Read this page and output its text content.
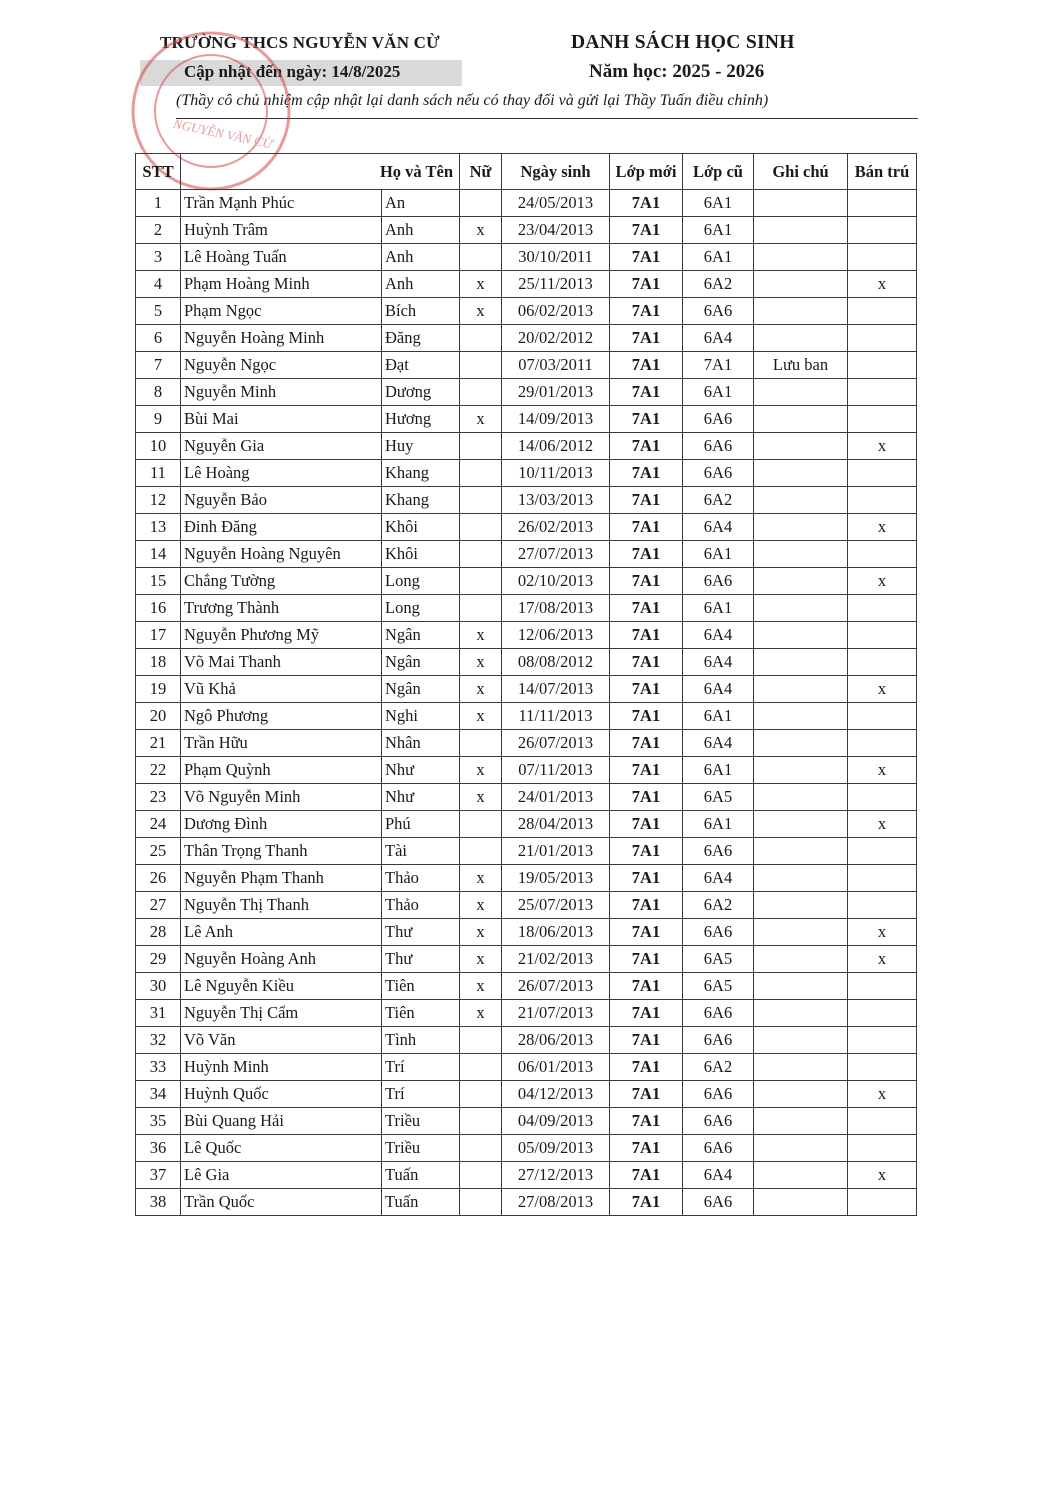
TRƯỜNG THCS NGUYỄN VĂN CỪ
Cập nhật đến ngày: 14/8/2025
DANH SÁCH HỌC SINH
Năm học: 2025 - 2026
(Thầy cô chủ nhiệm cập nhật lại danh sách nếu có thay đổi và gửi lại Thầy Tuấn điều chỉnh)
NGUYỄN VĂN CỪ
STT	Họ và Tên		Nữ	Ngày sinh	Lớp mới	Lớp cũ	Ghi chú	Bán trú
1	Trần Mạnh Phúc	An		24/05/2013	7A1	6A1		
2	Huỳnh Trâm	Anh	x	23/04/2013	7A1	6A1		
3	Lê Hoàng Tuấn	Anh		30/10/2011	7A1	6A1		
4	Phạm Hoàng Minh	Anh	x	25/11/2013	7A1	6A2		x
5	Phạm Ngọc	Bích	x	06/02/2013	7A1	6A6		
6	Nguyễn Hoàng Minh	Đăng		20/02/2012	7A1	6A4		
7	Nguyễn Ngọc	Đạt		07/03/2011	7A1	7A1	Lưu ban	
8	Nguyễn Minh	Dương		29/01/2013	7A1	6A1		
9	Bùi Mai	Hương	x	14/09/2013	7A1	6A6		
10	Nguyễn Gia	Huy		14/06/2012	7A1	6A6		x
11	Lê Hoàng	Khang		10/11/2013	7A1	6A6		
12	Nguyễn Bảo	Khang		13/03/2013	7A1	6A2		
13	Đinh Đăng	Khôi		26/02/2013	7A1	6A4		x
14	Nguyễn Hoàng Nguyên	Khôi		27/07/2013	7A1	6A1		
15	Chắng Tường	Long		02/10/2013	7A1	6A6		x
16	Trương Thành	Long		17/08/2013	7A1	6A1		
17	Nguyễn Phương Mỹ	Ngân	x	12/06/2013	7A1	6A4		
18	Võ Mai Thanh	Ngân	x	08/08/2012	7A1	6A4		
19	Vũ Khả	Ngân	x	14/07/2013	7A1	6A4		x
20	Ngô Phương	Nghi	x	11/11/2013	7A1	6A1		
21	Trần Hữu	Nhân		26/07/2013	7A1	6A4		
22	Phạm Quỳnh	Như	x	07/11/2013	7A1	6A1		x
23	Võ Nguyễn Minh	Như	x	24/01/2013	7A1	6A5		
24	Dương Đình	Phú		28/04/2013	7A1	6A1		x
25	Thân Trọng Thanh	Tài		21/01/2013	7A1	6A6		
26	Nguyễn Phạm Thanh	Thảo	x	19/05/2013	7A1	6A4		
27	Nguyễn Thị Thanh	Thảo	x	25/07/2013	7A1	6A2		
28	Lê Anh	Thư	x	18/06/2013	7A1	6A6		x
29	Nguyễn Hoàng Anh	Thư	x	21/02/2013	7A1	6A5		x
30	Lê Nguyễn Kiều	Tiên	x	26/07/2013	7A1	6A5		
31	Nguyễn Thị Cẩm	Tiên	x	21/07/2013	7A1	6A6		
32	Võ Văn	Tình		28/06/2013	7A1	6A6		
33	Huỳnh Minh	Trí		06/01/2013	7A1	6A2		
34	Huỳnh Quốc	Trí		04/12/2013	7A1	6A6		x
35	Bùi Quang Hải	Triều		04/09/2013	7A1	6A6		
36	Lê Quốc	Triều		05/09/2013	7A1	6A6		
37	Lê Gia	Tuấn		27/12/2013	7A1	6A4		x
38	Trần Quốc	Tuấn		27/08/2013	7A1	6A6		
